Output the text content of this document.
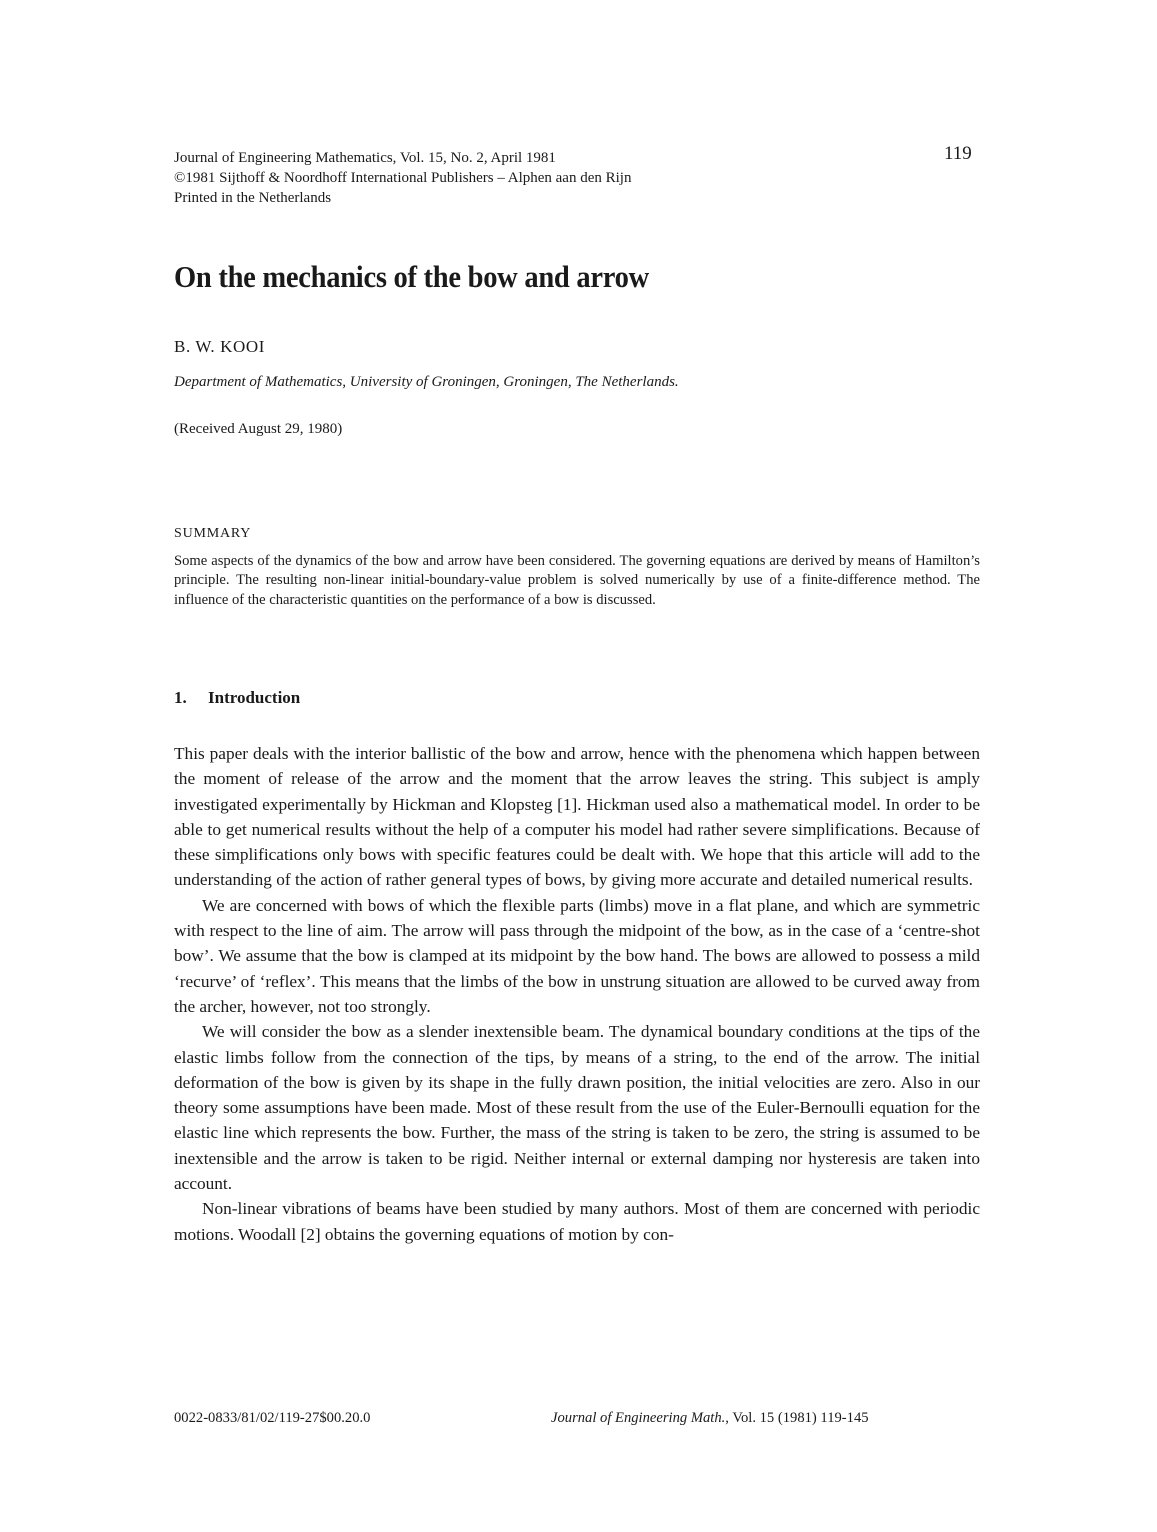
Journal of Engineering Mathematics, Vol. 15, No. 2, April 1981
©1981 Sijthoff & Noordhoff International Publishers – Alphen aan den Rijn
Printed in the Netherlands
119
On the mechanics of the bow and arrow
B. W. KOOI
Department of Mathematics, University of Groningen, Groningen, The Netherlands.
(Received August 29, 1980)
SUMMARY
Some aspects of the dynamics of the bow and arrow have been considered. The governing equations are derived by means of Hamilton’s principle. The resulting non-linear initial-boundary-value problem is solved numerically by use of a finite-difference method. The influence of the characteristic quantities on the performance of a bow is discussed.
1. Introduction

This paper deals with the interior ballistic of the bow and arrow, hence with the phenomena which happen between the moment of release of the arrow and the moment that the arrow leaves the string. This subject is amply investigated experimentally by Hickman and Klopsteg [1]. Hickman used also a mathematical model. In order to be able to get numerical results without the help of a computer his model had rather severe simplifications. Because of these simplifications only bows with specific features could be dealt with. We hope that this article will add to the understanding of the action of rather general types of bows, by giving more accurate and detailed numerical results.

We are concerned with bows of which the flexible parts (limbs) move in a flat plane, and which are symmetric with respect to the line of aim. The arrow will pass through the midpoint of the bow, as in the case of a ‘centre-shot bow’. We assume that the bow is clamped at its midpoint by the bow hand. The bows are allowed to possess a mild ‘recurve’ of ‘reflex’. This means that the limbs of the bow in unstrung situation are allowed to be curved away from the archer, however, not too strongly.

We will consider the bow as a slender inextensible beam. The dynamical boundary conditions at the tips of the elastic limbs follow from the connection of the tips, by means of a string, to the end of the arrow. The initial deformation of the bow is given by its shape in the fully drawn position, the initial velocities are zero. Also in our theory some assumptions have been made. Most of these result from the use of the Euler-Bernoulli equation for the elastic line which represents the bow. Further, the mass of the string is taken to be zero, the string is assumed to be inextensible and the arrow is taken to be rigid. Neither internal or external damping nor hysteresis are taken into account.

Non-linear vibrations of beams have been studied by many authors. Most of them are concerned with periodic motions. Woodall [2] obtains the governing equations of motion by con-

0022-0833/81/02/119-27$00.20.0	Journal of Engineering Math., Vol. 15 (1981) 119-145
